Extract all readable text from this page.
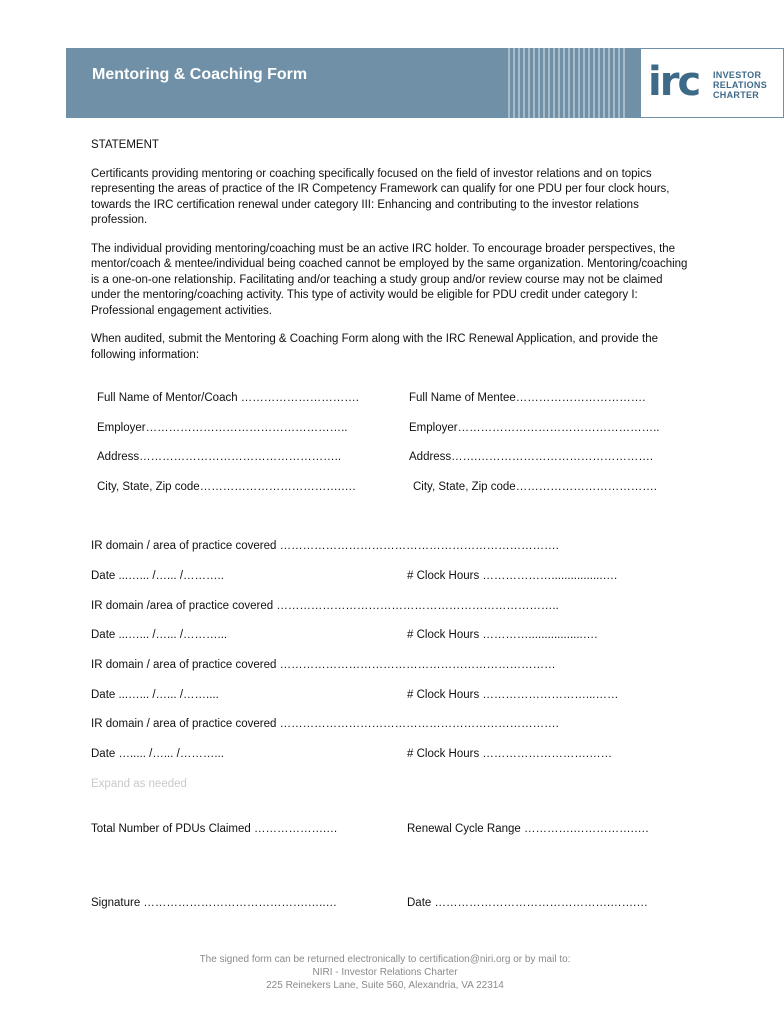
Mentoring & Coaching Form	irc INVESTOR
RELATIONS
CHARTER

STATEMENT

Certificants providing mentoring or coaching specifically focused on the field of investor relations and on topics representing the areas of practice of the IR Competency Framework can qualify for one PDU per four clock hours, towards the IRC certification renewal under category III: Enhancing and contributing to the investor relations profession.

The individual providing mentoring/coaching must be an active IRC holder. To encourage broader perspectives, the mentor/coach & mentee/individual being coached cannot be employed by the same organization. Mentoring/coaching is a one-on-one relationship. Facilitating and/or teaching a study group and/or review course may not be claimed under the mentoring/coaching activity. This type of activity would be eligible for PDU credit under category I: Professional engagement activities.

When audited, submit the Mentoring & Coaching Form along with the IRC Renewal Application, and provide the following information:

Full Name of Mentor/Coach ………………………….	Full Name of Mentee…………………………….
Employer……………………………………………..	Employer……………………………………………..
Address……………………………………………..	Address…….……………………………………….
City, State, Zip code……………………………….….	City, State, Zip code……………………………….
IR domain / area of practice covered ……………………………………………………………….
Date ...…... /…... /………..	# Clock Hours ………………................….
IR domain /area of practice covered ………………………………………………………………..
Date ...…... /…... /………...	# Clock Hours ………….................….
IR domain / area of practice covered ………………………………………………………………
Date ...…... /…... /……....	# Clock Hours ………………………...……
IR domain / area of practice covered ……………………………………………………………….
Date …..... /…... /………...	# Clock Hours ……………………….……
Expand as needed
Total Number of PDUs Claimed ……………….…	Renewal Cycle Range ………….…………….….
Signature …………………………………….…..…	Date ……………………………………….…….…
The signed form can be returned electronically to certification@niri.org or by mail to:
NIRI - Investor Relations Charter
225 Reinekers Lane, Suite 560, Alexandria, VA 22314
